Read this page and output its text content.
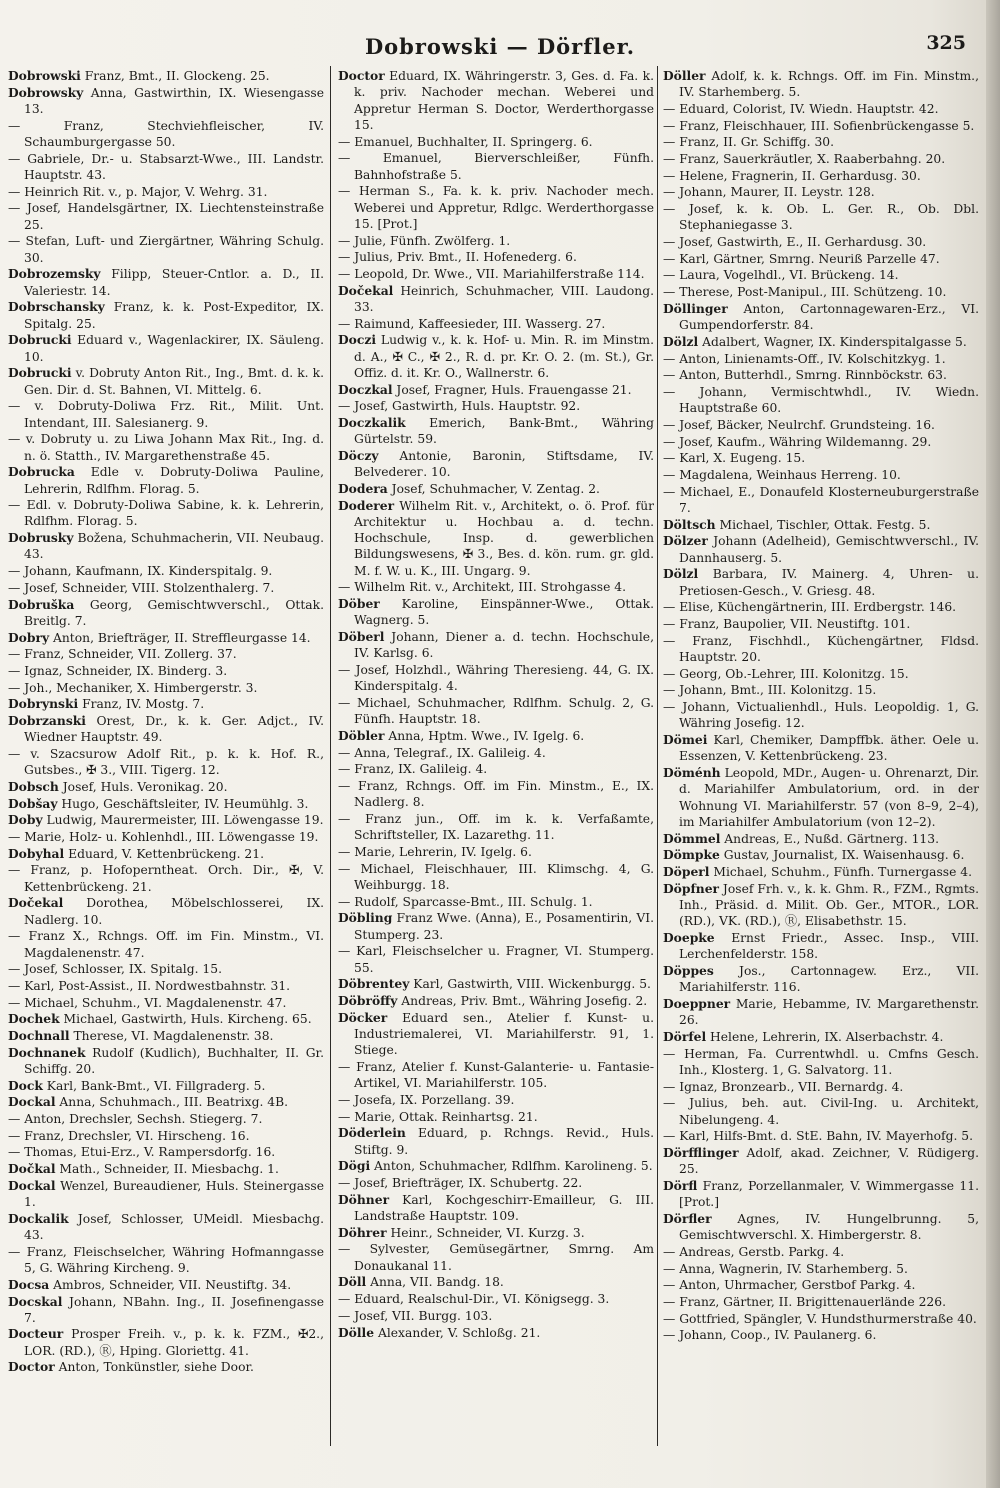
Dobrowski — Dörfler.	325

Dobrowski Franz, Bmt., II. Glockeng. 25.

Dobrowsky Anna, Gastwirthin, IX. Wiesengasse 13.

— Franz, Stechviehfleischer, IV. Schaumburgergasse 50.

— Gabriele, Dr.- u. Stabsarzt-Wwe., III. Landstr. Hauptstr. 43.

— Heinrich Rit. v., p. Major, V. Wehrg. 31.

— Josef, Handelsgärtner, IX. Liechtensteinstraße 25.

— Stefan, Luft- und Ziergärtner, Währing Schulg. 30.

Dobrozemsky Filipp, Steuer-Cntlor. a. D., II. Valeriestr. 14.

Dobrschansky Franz, k. k. Post-Expeditor, IX. Spitalg. 25.

Dobrucki Eduard v., Wagenlackirer, IX. Säuleng. 10.

Dobrucki v. Dobruty Anton Rit., Ing., Bmt. d. k. k. Gen. Dir. d. St. Bahnen, VI. Mittelg. 6.

— v. Dobruty-Doliwa Frz. Rit., Milit. Unt. Intendant, III. Salesianerg. 9.

— v. Dobruty u. zu Liwa Johann Max Rit., Ing. d. n. ö. Statth., IV. Margarethenstraße 45.

Dobrucka Edle v. Dobruty-Doliwa Pauline, Lehrerin, Rdlfhm. Florag. 5.

— Edl. v. Dobruty-Doliwa Sabine, k. k. Lehrerin, Rdlfhm. Florag. 5.

Dobrusky Božena, Schuhmacherin, VII. Neubaug. 43.

— Johann, Kaufmann, IX. Kinderspitalg. 9.

— Josef, Schneider, VIII. Stolzenthalerg. 7.

Dobruška Georg, Gemischtwverschl., Ottak. Breitlg. 7.

Dobry Anton, Briefträger, II. Streffleurgasse 14.

— Franz, Schneider, VII. Zollerg. 37.

— Ignaz, Schneider, IX. Binderg. 3.

— Joh., Mechaniker, X. Himbergerstr. 3.

Dobrynski Franz, IV. Mostg. 7.

Dobrzanski Orest, Dr., k. k. Ger. Adjct., IV. Wiedner Hauptstr. 49.

— v. Szacsurow Adolf Rit., p. k. k. Hof. R., Gutsbes., ✠ 3., VIII. Tigerg. 12.

Dobsch Josef, Huls. Veronikag. 20.

Dobšay Hugo, Geschäftsleiter, IV. Heumühlg. 3.

Doby Ludwig, Maurermeister, III. Löwengasse 19.

— Marie, Holz- u. Kohlenhdl., III. Löwengasse 19.

Dobyhal Eduard, V. Kettenbrückeng. 21.

— Franz, p. Hofoperntheat. Orch. Dir., ✠, V. Kettenbrückeng. 21.

Dočekal Dorothea, Möbelschlosserei, IX. Nadlerg. 10.

— Franz X., Rchngs. Off. im Fin. Minstm., VI. Magdalenenstr. 47.

— Josef, Schlosser, IX. Spitalg. 15.

— Karl, Post-Assist., II. Nordwestbahnstr. 31.

— Michael, Schuhm., VI. Magdalenenstr. 47.

Dochek Michael, Gastwirth, Huls. Kircheng. 65.

Dochnall Therese, VI. Magdalenenstr. 38.

Dochnanek Rudolf (Kudlich), Buchhalter, II. Gr. Schiffg. 20.

Dock Karl, Bank-Bmt., VI. Fillgraderg. 5.

Dockal Anna, Schuhmach., III. Beatrixg. 4B.

— Anton, Drechsler, Sechsh. Stiegerg. 7.

— Franz, Drechsler, VI. Hirscheng. 16.

— Thomas, Etui-Erz., V. Rampersdorfg. 16.

Dočkal Math., Schneider, II. Miesbachg. 1.

Dockal Wenzel, Bureaudiener, Huls. Steinergasse 1.

Dockalik Josef, Schlosser, UMeidl. Miesbachg. 43.

— Franz, Fleischselcher, Währing Hofmanngasse 5, G. Währing Kircheng. 9.

Docsa Ambros, Schneider, VII. Neustiftg. 34.

Docskal Johann, NBahn. Ing., II. Josefinengasse 7.

Docteur Prosper Freih. v., p. k. k. FZM., ✠2., LOR. (RD.), Ⓡ, Hping. Gloriettg. 41.

Doctor Anton, Tonkünstler, siehe Door.

Doctor Eduard, IX. Währingerstr. 3, Ges. d. Fa. k. k. priv. Nachoder mechan. Weberei und Appretur Herman S. Doctor, Werderthorgasse 15.

— Emanuel, Buchhalter, II. Springerg. 6.

— Emanuel, Bierverschleißer, Fünfh. Bahnhofstraße 5.

— Herman S., Fa. k. k. priv. Nachoder mech. Weberei und Appretur, Rdlgc. Werderthorgasse 15. [Prot.]

— Julie, Fünfh. Zwölferg. 1.

— Julius, Priv. Bmt., II. Hofenederg. 6.

— Leopold, Dr. Wwe., VII. Mariahilferstraße 114.

Dočekal Heinrich, Schuhmacher, VIII. Laudong. 33.

— Raimund, Kaffeesieder, III. Wasserg. 27.

Doczi Ludwig v., k. k. Hof- u. Min. R. im Minstm. d. A., ✠ C., ✠ 2., R. d. pr. Kr. O. 2. (m. St.), Gr. Offiz. d. it. Kr. O., Wallnerstr. 6.

Doczkal Josef, Fragner, Huls. Frauengasse 21.

— Josef, Gastwirth, Huls. Hauptstr. 92.

Doczkalik Emerich, Bank-Bmt., Währing Gürtelstr. 59.

Döczy Antonie, Baronin, Stiftsdame, IV. Belvederег. 10.

Dodera Josef, Schuhmacher, V. Zentag. 2.

Doderer Wilhelm Rit. v., Architekt, o. ö. Prof. für Architektur u. Hochbau a. d. techn. Hochschule, Insp. d. gewerblichen Bildungswesens, ✠ 3., Bes. d. kön. rum. gr. gld. M. f. W. u. K., III. Ungarg. 9.

— Wilhelm Rit. v., Architekt, III. Strohgasse 4.

Döber Karoline, Einspänner-Wwe., Ottak. Wagnerg. 5.

Döberl Johann, Diener a. d. techn. Hochschule, IV. Karlsg. 6.

— Josef, Holzhdl., Währing Theresieng. 44, G. IX. Kinderspitalg. 4.

— Michael, Schuhmacher, Rdlfhm. Schulg. 2, G. Fünfh. Hauptstr. 18.

Döbler Anna, Hptm. Wwe., IV. Igelg. 6.

— Anna, Telegraf., IX. Galileig. 4.

— Franz, IX. Galileig. 4.

— Franz, Rchngs. Off. im Fin. Minstm., E., IX. Nadlerg. 8.

— Franz jun., Off. im k. k. Verfaßamte, Schriftsteller, IX. Lazarethg. 11.

— Marie, Lehrerin, IV. Igelg. 6.

— Michael, Fleischhauer, III. Klimschg. 4, G. Weihburgg. 18.

— Rudolf, Sparcasse-Bmt., III. Schulg. 1.

Döbling Franz Wwe. (Anna), E., Posamentirin, VI. Stumperg. 23.

— Karl, Fleischselcher u. Fragner, VI. Stumperg. 55.

Döbrentey Karl, Gastwirth, VIII. Wickenburgg. 5.

Döbröffy Andreas, Priv. Bmt., Währing Josefig. 2.

Döcker Eduard sen., Atelier f. Kunst- u. Industriemalerei, VI. Mariahilferstr. 91, 1. Stiege.

— Franz, Atelier f. Kunst-Galanterie- u. Fantasie-Artikel, VI. Mariahilferstr. 105.

— Josefa, IX. Porzellang. 39.

— Marie, Ottak. Reinhartsg. 21.

Döderlein Eduard, p. Rchngs. Revid., Huls. Stiftg. 9.

Dögi Anton, Schuhmacher, Rdlfhm. Karolineng. 5.

— Josef, Briefträger, IX. Schubertg. 22.

Döhner Karl, Kochgeschirr-Emailleur, G. III. Landstraße Hauptstr. 109.

Döhrer Heinr., Schneider, VI. Kurzg. 3.

— Sylvester, Gemüsegärtner, Smrng. Am Donaukanal 11.

Döll Anna, VII. Bandg. 18.

— Eduard, Realschul-Dir., VI. Königsegg. 3.

— Josef, VII. Burgg. 103.

Dölle Alexander, V. Schloßg. 21.

Döller Adolf, k. k. Rchngs. Off. im Fin. Minstm., IV. Starhemberg. 5.

— Eduard, Colorist, IV. Wiedn. Hauptstr. 42.

— Franz, Fleischhauer, III. Sofienbrückengasse 5.

— Franz, II. Gr. Schiffg. 30.

— Franz, Sauerkräutler, X. Raaberbahng. 20.

— Helene, Fragnerin, II. Gerhardusg. 30.

— Johann, Maurer, II. Leystr. 128.

— Josef, k. k. Ob. L. Ger. R., Ob. Dbl. Stephaniegasse 3.

— Josef, Gastwirth, E., II. Gerhardusg. 30.

— Karl, Gärtner, Smrng. Neuriß Parzelle 47.

— Laura, Vogelhdl., VI. Brückeng. 14.

— Therese, Post-Manipul., III. Schützeng. 10.

Döllinger Anton, Cartonnagewaren-Erz., VI. Gumpendorferstr. 84.

Dölzl Adalbert, Wagner, IX. Kinderspitalgasse 5.

— Anton, Linienamts-Off., IV. Kolschitzkyg. 1.

— Anton, Butterhdl., Smrng. Rinnböckstr. 63.

— Johann, Vermischtwhdl., IV. Wiedn. Hauptstraße 60.

— Josef, Bäcker, Neulrchf. Grundsteing. 16.

— Josef, Kaufm., Währing Wildemanng. 29.

— Karl, X. Eugeng. 15.

— Magdalena, Weinhaus Herreng. 10.

— Michael, E., Donaufeld Klosterneuburgerstraße 7.

Döltsch Michael, Tischler, Ottak. Festg. 5.

Dölzer Johann (Adelheid), Gemischtwverschl., IV. Dannhauserg. 5.

Dölzl Barbara, IV. Mainerg. 4, Uhren- u. Pretiosen-Gesch., V. Griesg. 48.

— Elise, Küchengärtnerin, III. Erdbergstr. 146.

— Franz, Baupolier, VII. Neustiftg. 101.

— Franz, Fischhdl., Küchengärtner, Fldsd. Hauptstr. 20.

— Georg, Ob.-Lehrer, III. Kolonitzg. 15.

— Johann, Bmt., III. Kolonitzg. 15.

— Johann, Victualienhdl., Huls. Leopoldig. 1, G. Währing Josefig. 12.

Dömei Karl, Chemiker, Dampffbk. äther. Oele u. Essenzen, V. Kettenbrückeng. 23.

Döménh Leopold, MDr., Augen- u. Ohrenarzt, Dir. d. Mariahilfer Ambulatorium, ord. in der Wohnung VI. Mariahilferstr. 57 (von 8–9, 2–4), im Mariahilfer Ambulatorium (von 12–2).

Dömmel Andreas, E., Nußd. Gärtnerg. 113.

Dömpke Gustav, Journalist, IX. Waisenhausg. 6.

Döperl Michael, Schuhm., Fünfh. Turnergasse 4.

Döpfner Josef Frh. v., k. k. Ghm. R., FZM., Rgmts. Inh., Präsid. d. Milit. Ob. Ger., MTOR., LOR. (RD.), VK. (RD.), Ⓡ, Elisabethstr. 15.

Doepke Ernst Friedr., Assec. Insp., VIII. Lerchenfelderstr. 158.

Döppes Jos., Cartonnagew. Erz., VII. Mariahilferstr. 116.

Doeppner Marie, Hebamme, IV. Margarethenstr. 26.

Dörfel Helene, Lehrerin, IX. Alserbachstr. 4.

— Herman, Fa. Currentwhdl. u. Cmfns Gesch. Inh., Klosterg. 1, G. Salvatorg. 11.

— Ignaz, Bronzearb., VII. Bernardg. 4.

— Julius, beh. aut. Civil-Ing. u. Architekt, Nibelungeng. 4.

— Karl, Hilfs-Bmt. d. StE. Bahn, IV. Mayerhofg. 5.

Dörfflinger Adolf, akad. Zeichner, V. Rüdigerg. 25.

Dörfl Franz, Porzellanmaler, V. Wimmergasse 11. [Prot.]

Dörfler Agnes, IV. Hungelbrunng. 5, Gemischtwverschl. X. Himbergerstr. 8.

— Andreas, Gerstb. Parkg. 4.

— Anna, Wagnerin, IV. Starhemberg. 5.

— Anton, Uhrmacher, Gerstbof Parkg. 4.

— Franz, Gärtner, II. Brigittenauerlände 226.

— Gottfried, Spängler, V. Hundsthurmerstraße 40.

— Johann, Coop., IV. Paulanerg. 6.
